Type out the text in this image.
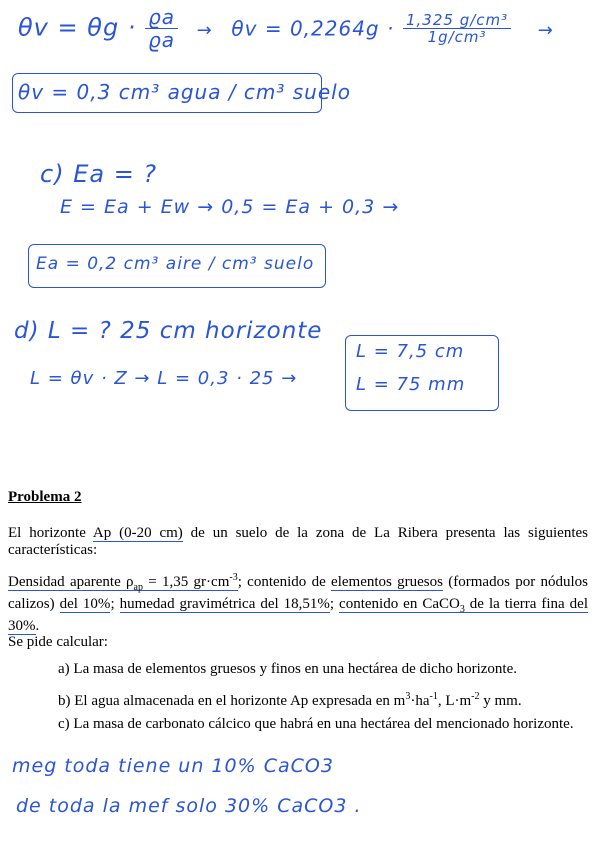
$\theta v = \theta g \cdot \frac{ϱa}{ϱa} \to \theta v = 0,2264g \cdot \frac{\text{1,325 g/cm³}}{\text{1g/cm³}}$ →
θv = 0,3 cm³ agua / cm³ suelo
c) Ea = ?
E = Ea + Ew → 0,5 = Ea + 0,3 →
Ea = 0,2 cm³ aire / cm³ suelo
d) L = ? 25 cm horizonte
L = θv · Z → L = 0,3 · 25 →
L = 7,5 cm
L = 75 mm
Problema 2
El horizonte Ap (0-20 cm) de un suelo de la zona de La Ribera presenta las siguientes características:
Densidad aparente $\rho_{ap} = 1,35$ $gr\cdot cm^{-3}$; contenido de elementos gruesos (formados por nódulos calizos) del 10%; humedad gravimétrica del 18,51%; contenido en CaCO$_3$ de la tierra fina del 30%.
Se pide calcular:
a) La masa de elementos gruesos y finos en una hectárea de dicho horizonte.
b) El agua almacenada en el horizonte Ap expresada en $m^3\cdot ha^{-1}$, $L\cdot m^{-2}$ y mm.
c) La masa de carbonato cálcico que habrá en una hectárea del mencionado horizonte.
meg toda tiene un 10% CaCO3
de toda la mef solo 30% CaCO3 .
